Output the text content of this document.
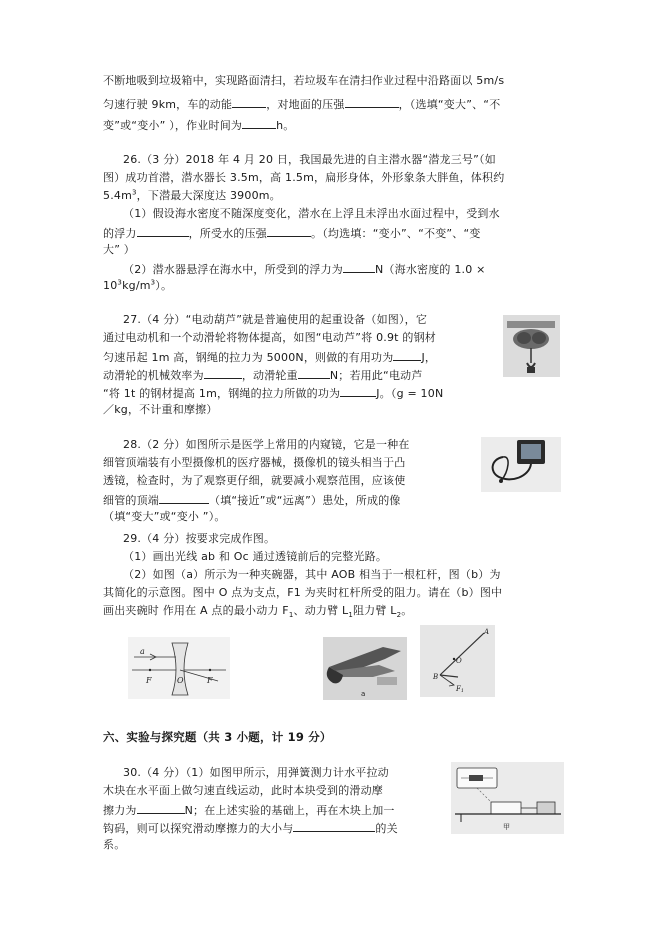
不断地吸到垃圾箱中，实现路面清扫，若垃圾车在清扫作业过程中沿路面以 5m/s
匀速行驶 9km，车的动能	，对地面的压强	，（选填“变大”、“不
变”或“变小” ），作业时间为	h。
26.（3 分）2018 年 4 月 20 日，我国最先进的自主潜水器“潜龙三号”（如
图）成功首潜，潜水器长 3.5m，高 1.5m，扁形身体，外形象条大胖鱼，体积约
$5.4m^3$，下潜最大深度达 3900m。
（1）假设海水密度不随深度变化，潜水在上浮且未浮出水面过程中，受到水
的浮力	，所受水的压强	。（均选填：“变小”、“不变”、“变
大” ）
（2）潜水器悬浮在海水中，所受到的浮力为	N（海水密度的 1.0 ×
$10^3kg/m^3$）。
27.（4 分）“电动葫芦”就是普遍使用的起重设备（如图），它
通过电动机和一个动滑轮将物体提高，如图“电动芦”将 0.9t 的钢材
匀速吊起 1m 高，钢绳的拉力为 5000N，则做的有用功为	J，
动滑轮的机械效率为	，动滑轮重	N；若用此“电动芦
“将 1t 的钢材提高 1m，钢绳的拉力所做的功为	J。（g = 10N
／kg，不计重和摩擦）
28.（2 分）如图所示是医学上常用的内窥镜，它是一种在
细管顶端装有小型摄像机的医疗器械，摄像机的镜头相当于凸
透镜，检查时，为了观察更仔细，就要减小观察范围，应该使
细管的顶端	（填“接近”或“远离”）患处，所成的像
（填“变大”或“变小 ”）。
29.（4 分）按要求完成作图。
（1）画出光线 ab 和 Oc 通过透镜前后的完整光路。
（2）如图（a）所示为一种夹碗器，其中 AOB 相当于一根杠杆，图（b）为
其简化的示意图。图中 O 点为支点，F1 为夹时杠杆所受的阻力。请在（b）图中
画出夹碗时 作用在 A 点的最小动力 $F_1$、动力臂 $L_1$阻力臂 $L_2$。
a
F	O	F
a
A
O
B
F1
六、实验与探究题（共 3 小题，计 19 分）
30.（4 分）（1）如图甲所示，用弹簧测力计水平拉动
木块在水平面上做匀速直线运动，此时本块受到的滑动摩
擦力为	N；在上述实验的基础上，再在木块上加一
钩码，则可以探究滑动摩擦力的大小与	的关
系。
甲
